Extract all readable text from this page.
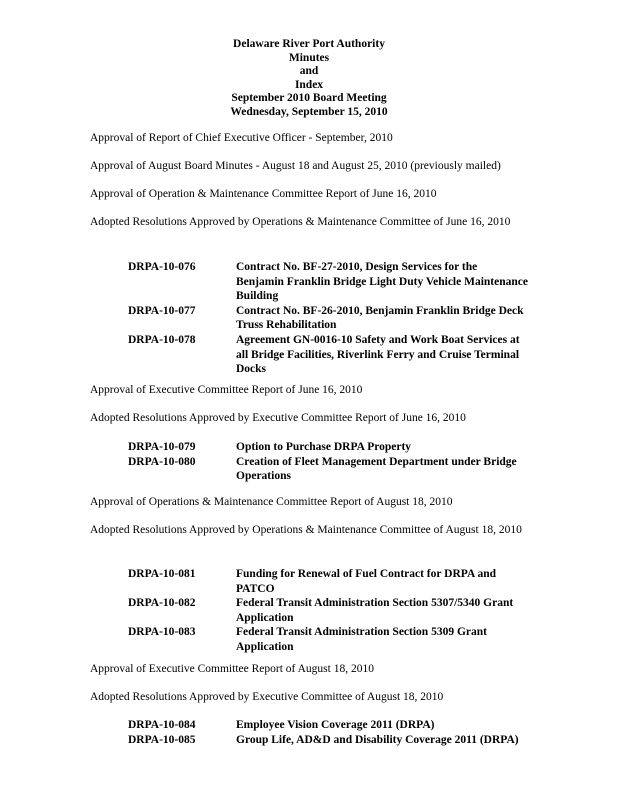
Delaware River Port Authority
Minutes
and
Index
September 2010 Board Meeting
Wednesday, September 15, 2010
Approval of Report of Chief Executive Officer - September, 2010
Approval of August Board Minutes - August 18 and August 25, 2010 (previously mailed)
Approval of Operation & Maintenance Committee Report of June 16, 2010
Adopted Resolutions Approved by Operations & Maintenance Committee of June 16, 2010
DRPA-10-076	Contract No. BF-27-2010, Design Services for the Benjamin Franklin Bridge Light Duty Vehicle Maintenance Building
DRPA-10-077	Contract No. BF-26-2010, Benjamin Franklin Bridge Deck Truss Rehabilitation
DRPA-10-078	Agreement GN-0016-10 Safety and Work Boat Services at all Bridge Facilities, Riverlink Ferry and Cruise Terminal Docks
Approval of Executive Committee Report of June 16, 2010
Adopted Resolutions Approved by Executive Committee Report of June 16, 2010
DRPA-10-079	Option to Purchase DRPA Property
DRPA-10-080	Creation of Fleet Management Department under Bridge Operations
Approval of Operations & Maintenance Committee Report of August 18, 2010
Adopted Resolutions Approved by Operations & Maintenance Committee of August 18, 2010
DRPA-10-081	Funding for Renewal of Fuel Contract for DRPA and PATCO
DRPA-10-082	Federal Transit Administration Section 5307/5340 Grant Application
DRPA-10-083	Federal Transit Administration Section 5309 Grant Application
Approval of Executive Committee Report of August 18, 2010
Adopted Resolutions Approved by Executive Committee of August 18, 2010
DRPA-10-084	Employee Vision Coverage 2011 (DRPA)
DRPA-10-085	Group Life, AD&D and Disability Coverage 2011 (DRPA)
